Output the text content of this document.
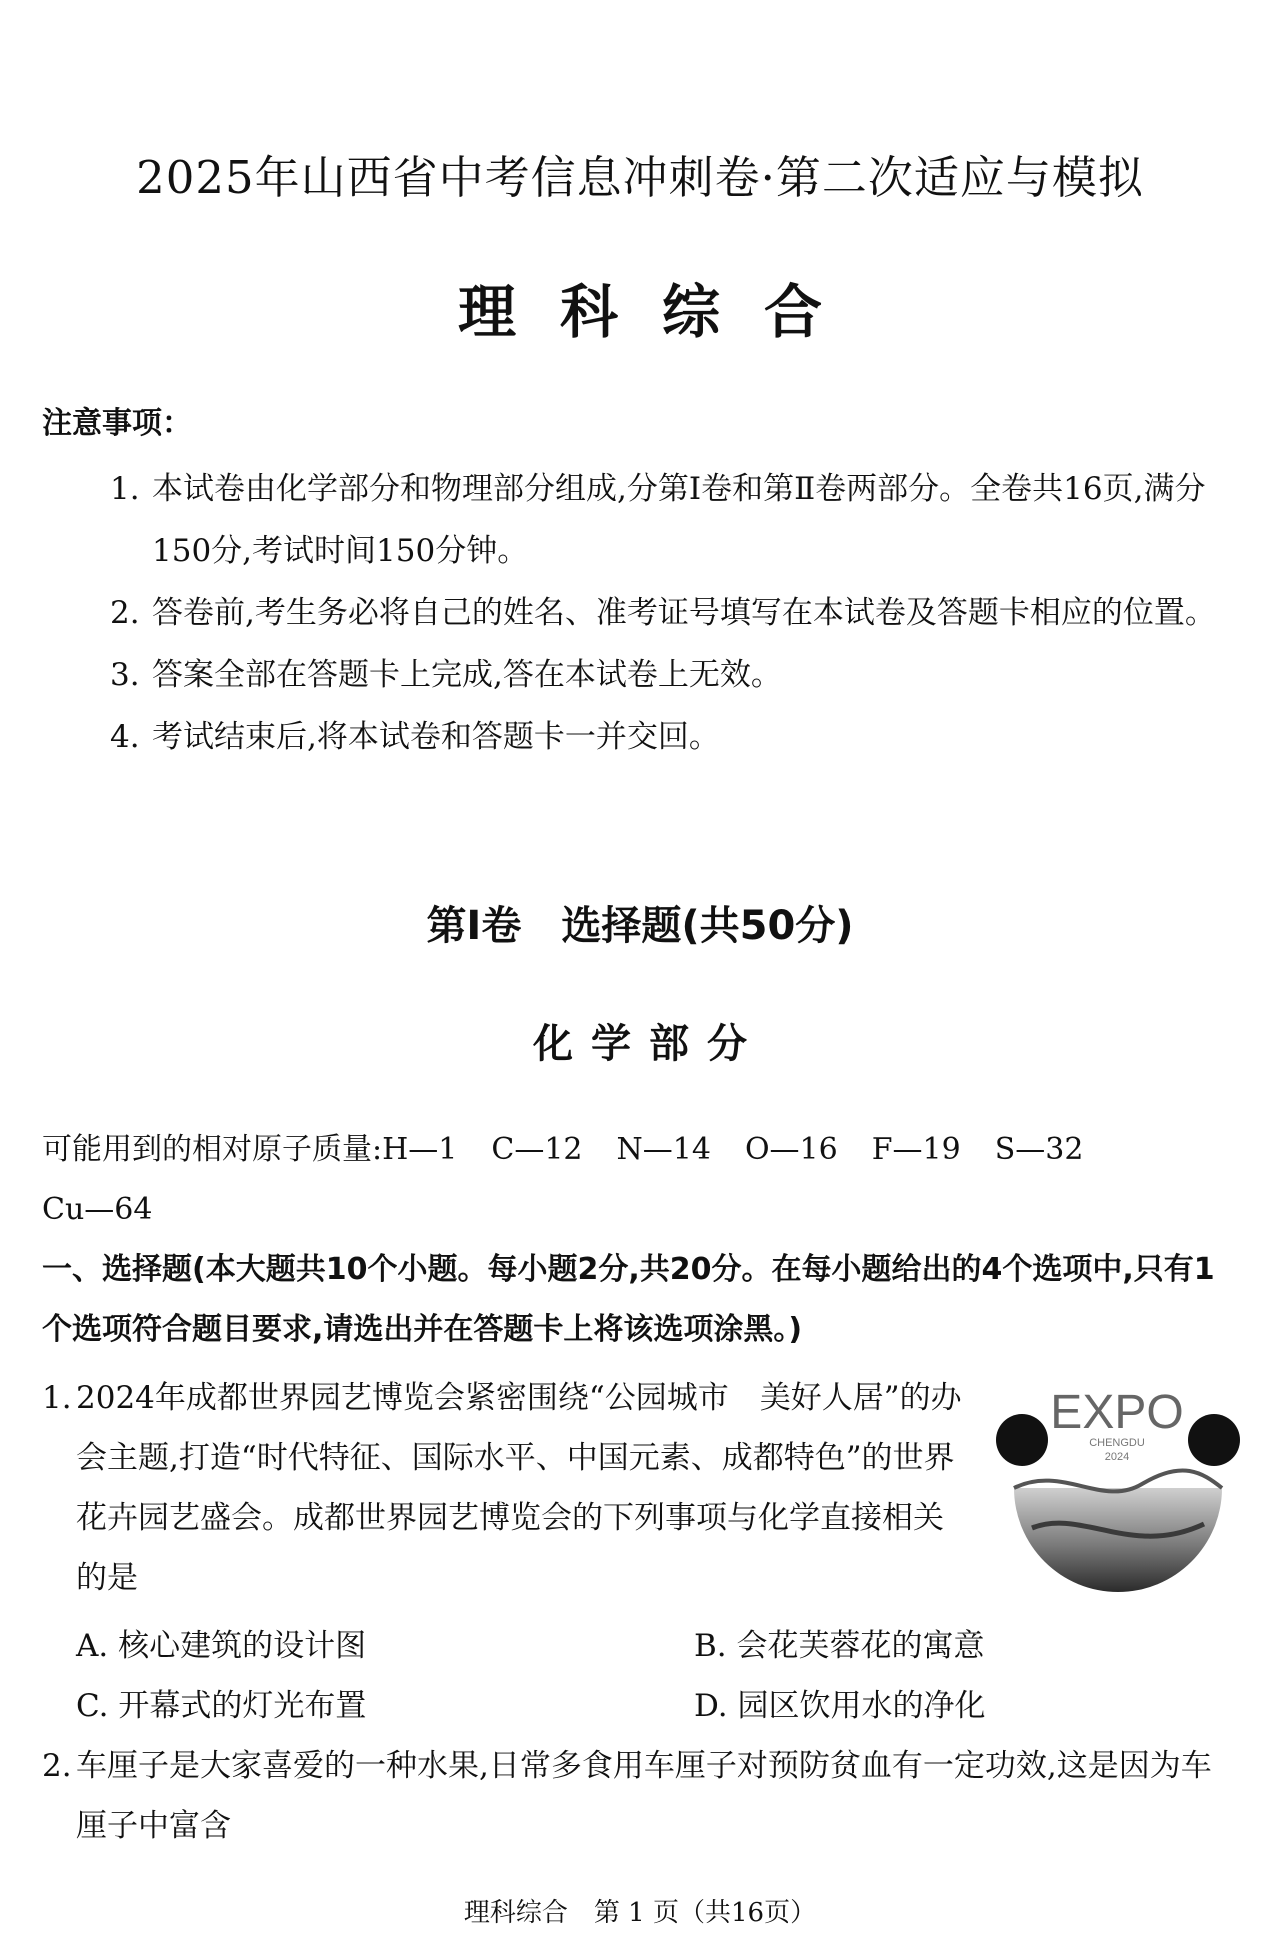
2025年山西省中考信息冲刺卷·第二次适应与模拟
理科综合
注意事项：
1. 本试卷由化学部分和物理部分组成,分第Ⅰ卷和第Ⅱ卷两部分。全卷共16页,满分150分,考试时间150分钟。
2. 答卷前,考生务必将自己的姓名、准考证号填写在本试卷及答题卡相应的位置。
3. 答案全部在答题卡上完成,答在本试卷上无效。
4. 考试结束后,将本试卷和答题卡一并交回。
第Ⅰ卷 选择题(共50分)
化学部分
可能用到的相对原子质量:H—1 C—12 N—14 O—16 F—19 S—32Cu—64
一、选择题(本大题共10个小题。每小题2分,共20分。在每小题给出的4个选项中,只有1个选项符合题目要求,请选出并在答题卡上将该选项涂黑。)
1. 2024年成都世界园艺博览会紧密围绕“公园城市　美好人居”的办会主题,打造“时代特征、国际水平、中国元素、成都特色”的世界花卉园艺盛会。成都世界园艺博览会的下列事项与化学直接相关的是
EXPO
CHENGDU
2024
A. 核心建筑的设计图	B. 会花芙蓉花的寓意
C. 开幕式的灯光布置	D. 园区饮用水的净化
2. 车厘子是大家喜爱的一种水果,日常多食用车厘子对预防贫血有一定功效,这是因为车厘子中富含
理科综合　第 1 页（共16页）
